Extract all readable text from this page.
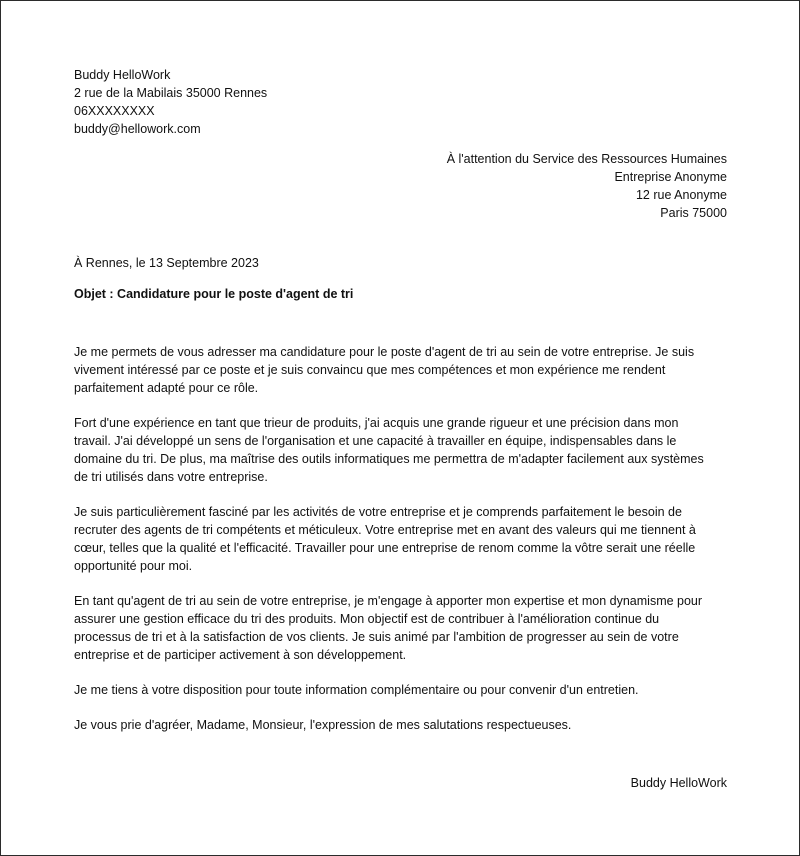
Buddy HelloWork
2 rue de la Mabilais 35000 Rennes
06XXXXXXXX
buddy@hellowork.com
À l'attention du Service des Ressources Humaines
Entreprise Anonyme
12 rue Anonyme
Paris 75000
À Rennes, le 13 Septembre 2023
Objet : Candidature pour le poste d'agent de tri

Je me permets de vous adresser ma candidature pour le poste d'agent de tri au sein de votre entreprise. Je suis
vivement intéressé par ce poste et je suis convaincu que mes compétences et mon expérience me rendent
parfaitement adapté pour ce rôle.

Fort d'une expérience en tant que trieur de produits, j'ai acquis une grande rigueur et une précision dans mon
travail. J'ai développé un sens de l'organisation et une capacité à travailler en équipe, indispensables dans le
domaine du tri. De plus, ma maîtrise des outils informatiques me permettra de m'adapter facilement aux systèmes
de tri utilisés dans votre entreprise.

Je suis particulièrement fasciné par les activités de votre entreprise et je comprends parfaitement le besoin de
recruter des agents de tri compétents et méticuleux. Votre entreprise met en avant des valeurs qui me tiennent à
cœur, telles que la qualité et l'efficacité. Travailler pour une entreprise de renom comme la vôtre serait une réelle
opportunité pour moi.

En tant qu'agent de tri au sein de votre entreprise, je m'engage à apporter mon expertise et mon dynamisme pour
assurer une gestion efficace du tri des produits. Mon objectif est de contribuer à l'amélioration continue du
processus de tri et à la satisfaction de vos clients. Je suis animé par l'ambition de progresser au sein de votre
entreprise et de participer activement à son développement.

Je me tiens à votre disposition pour toute information complémentaire ou pour convenir d'un entretien.

Je vous prie d'agréer, Madame, Monsieur, l'expression de mes salutations respectueuses.

Buddy HelloWork
